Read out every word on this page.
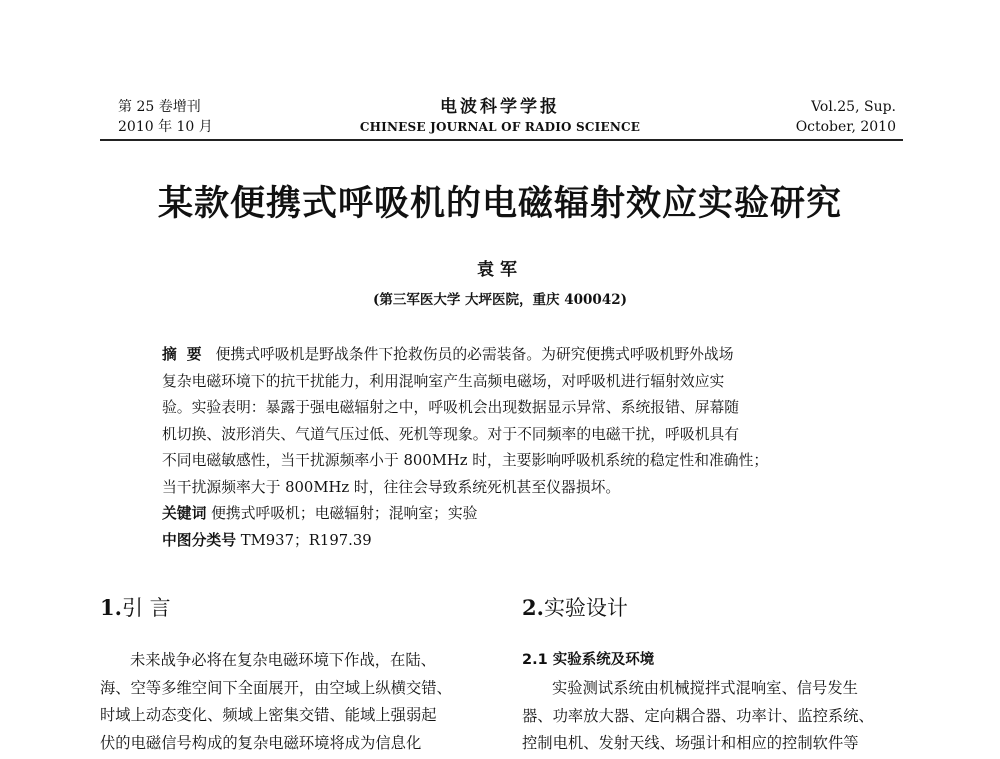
第 25 卷增刊
2010 年 10 月
电波科学学报
CHINESE JOURNAL OF RADIO SCIENCE
Vol.25, Sup.
October, 2010
某款便携式呼吸机的电磁辐射效应实验研究
袁军
(第三军医大学 大坪医院，重庆 400042)

摘要 便携式呼吸机是野战条件下抢救伤员的必需装备。为研究便携式呼吸机野外战场

复杂电磁环境下的抗干扰能力，利用混响室产生高频电磁场，对呼吸机进行辐射效应实

验。实验表明：暴露于强电磁辐射之中，呼吸机会出现数据显示异常、系统报错、屏幕随

机切换、波形消失、气道气压过低、死机等现象。对于不同频率的电磁干扰，呼吸机具有

不同电磁敏感性，当干扰源频率小于 800MHz 时，主要影响呼吸机系统的稳定性和准确性；

当干扰源频率大于 800MHz 时，往往会导致系统死机甚至仪器损坏。

关键词 便携式呼吸机；电磁辐射；混响室；实验

中图分类号 TM937；R197.39

1.引 言

未来战争必将在复杂电磁环境下作战，在陆、

海、空等多维空间下全面展开，由空域上纵横交错、

时域上动态变化、频域上密集交错、能域上强弱起

伏的电磁信号构成的复杂电磁环境将成为信息化

2.实验设计
2.1 实验系统及环境

实验测试系统由机械搅拌式混响室、信号发生

器、功率放大器、定向耦合器、功率计、监控系统、

控制电机、发射天线、场强计和相应的控制软件等
